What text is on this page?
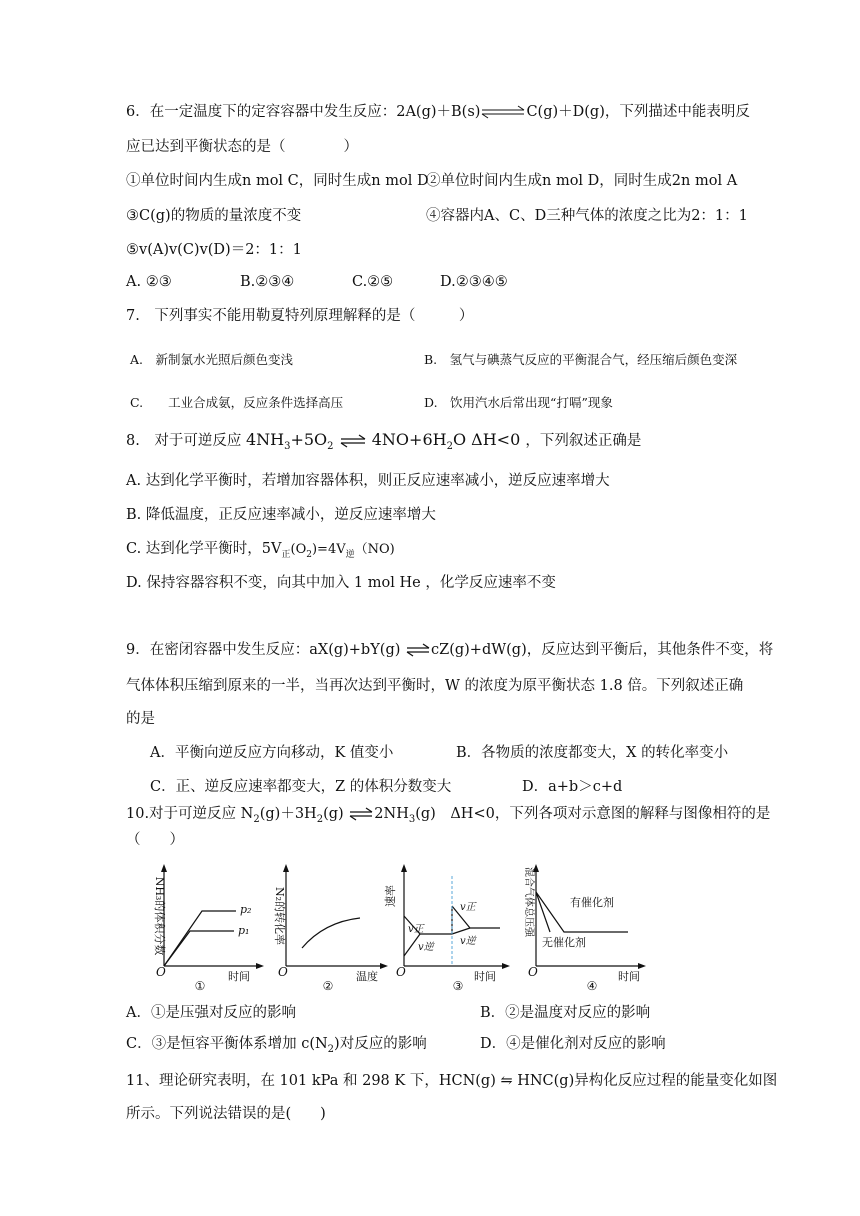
6．在一定温度下的定容容器中发生反应：2A(g)＋B(s)⇌C(g)＋D(g)，下列描述中能表明反
应已达到平衡状态的是（　　　　）
①单位时间内生成n mol C，同时生成n mol D
②单位时间内生成n mol D，同时生成2n mol A
③C(g)的物质的量浓度不变	④容器内A、C、D三种气体的浓度之比为2：1：1
⑤v(A)v(C)v(D)＝2：1：1
A. ②③	B.②③④	C.②⑤	D.②③④⑤
7.　下列事实不能用勒夏特列原理解释的是（　　　）
A.　新制氯水光照后颜色变浅	B.　氢气与碘蒸气反应的平衡混合气，经压缩后颜色变深
C.　　工业合成氨，反应条件选择高压	D.　饮用汽水后常出现“打嗝”现象
8.　对于可逆反应 $4NH_3+5O_2$ ⇌ $4NO+6H_2O$ ΔH<0 ，下列叙述正确是
A. 达到化学平衡时，若增加容器体积，则正反应速率减小，逆反应速率增大
B. 降低温度，正反应速率减小，逆反应速率增大
C. 达到化学平衡时，$5V_正(O_2)=4V_逆(NO)$
D. 保持容器容积不变，向其中加入 1 mol He ，化学反应速率不变
9．在密闭容器中发生反应：aX(g)+bY(g) ⇌cZ(g)+dW(g)，反应达到平衡后，其他条件不变，将
气体体积压缩到原来的一半，当再次达到平衡时，W 的浓度为原平衡状态 1.8 倍。下列叙述正确
的是
A．平衡向逆反应方向移动，K 值变小	B．各物质的浓度都变大，X 的转化率变小
C．正、逆反应速率都变大，Z 的体积分数变大	D．a+b＞c+d
10.对于可逆反应 $N_2(g)+3H_2(g)$ $\rightleftharpoons 2NH_3(g)$　ΔH<0，下列各项对示意图的解释与图像相符的是
（　　）
NH₃的体积分数
O
p₂
p₁
时间
①
N₂的转化率
O	温度
②
速率
O
v正
v逆
v正
v逆
时间
③
混合气体总压强
O
有催化剂
无催化剂
时间
④
A．①是压强对反应的影响	B．②是温度对反应的影响
C．③是恒容平衡体系增加 $c(N_2)$对反应的影响	D．④是催化剂对反应的影响
11、理论研究表明，在 101 kPa 和 298 K 下，HCN(g) ⇋ HNC(g)异构化反应过程的能量变化如图
所示。下列说法错误的是(　　)
